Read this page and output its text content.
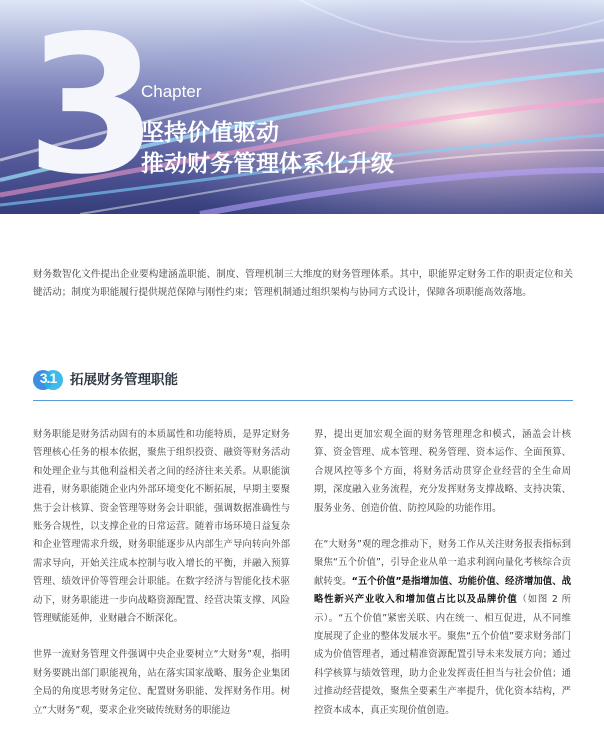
3
Chapter
坚持价值驱动
推动财务管理体系化升级
财务数智化文件提出企业要构建涵盖职能、制度、管理机制三大维度的财务管理体系。其中，职能界定财务工作的职责定位和关键活动；制度为职能履行提供规范保障与刚性约束；管理机制通过组织架构与协同方式设计，保障各项职能高效落地。
3.1	拓展财务管理职能

财务职能是财务活动固有的本质属性和功能特质，是界定财务管理核心任务的根本依据，聚焦于组织投资、融资等财务活动和处理企业与其他利益相关者之间的经济往来关系。从职能演进看，财务职能随企业内外部环境变化不断拓展，早期主要聚焦于会计核算、资金管理等财务会计职能，强调数据准确性与账务合规性，以支撑企业的日常运营。随着市场环境日益复杂和企业管理需求升级，财务职能逐步从内部生产导向转向外部需求导向，开始关注成本控制与收入增长的平衡，并融入预算管理、绩效评价等管理会计职能。在数字经济与智能化技术驱动下，财务职能进一步向战略资源配置、经营决策支撑、风险管理赋能延伸，业财融合不断深化。

世界一流财务管理文件强调中央企业要树立“大财务”观，指明财务要跳出部门职能视角，站在落实国家战略、服务企业集团全局的角度思考财务定位、配置财务职能、发挥财务作用。树立“大财务”观，要求企业突破传统财务的职能边

界，提出更加宏观全面的财务管理理念和模式，涵盖会计核算、资金管理、成本管理、税务管理、资本运作、全面预算、合规风控等多个方面，将财务活动贯穿企业经营的全生命周期，深度融入业务流程，充分发挥财务支撑战略、支持决策、服务业务、创造价值、防控风险的功能作用。

在“大财务”观的理念推动下，财务工作从关注财务报表指标到聚焦“五个价值”，引导企业从单一追求利润向量化考核综合贡献转变。“五个价值”是指增加值、功能价值、经济增加值、战略性新兴产业收入和增加值占比以及品牌价值（如图 2 所示）。“五个价值”紧密关联、内在统一、相互促进，从不同维度展现了企业的整体发展水平。聚焦“五个价值”要求财务部门成为价值管理者，通过精准资源配置引导未来发展方向；通过科学核算与绩效管理，助力企业发挥责任担当与社会价值；通过推动经营提效，聚焦全要素生产率提升，优化资本结构，严控资本成本，真正实现价值创造。
